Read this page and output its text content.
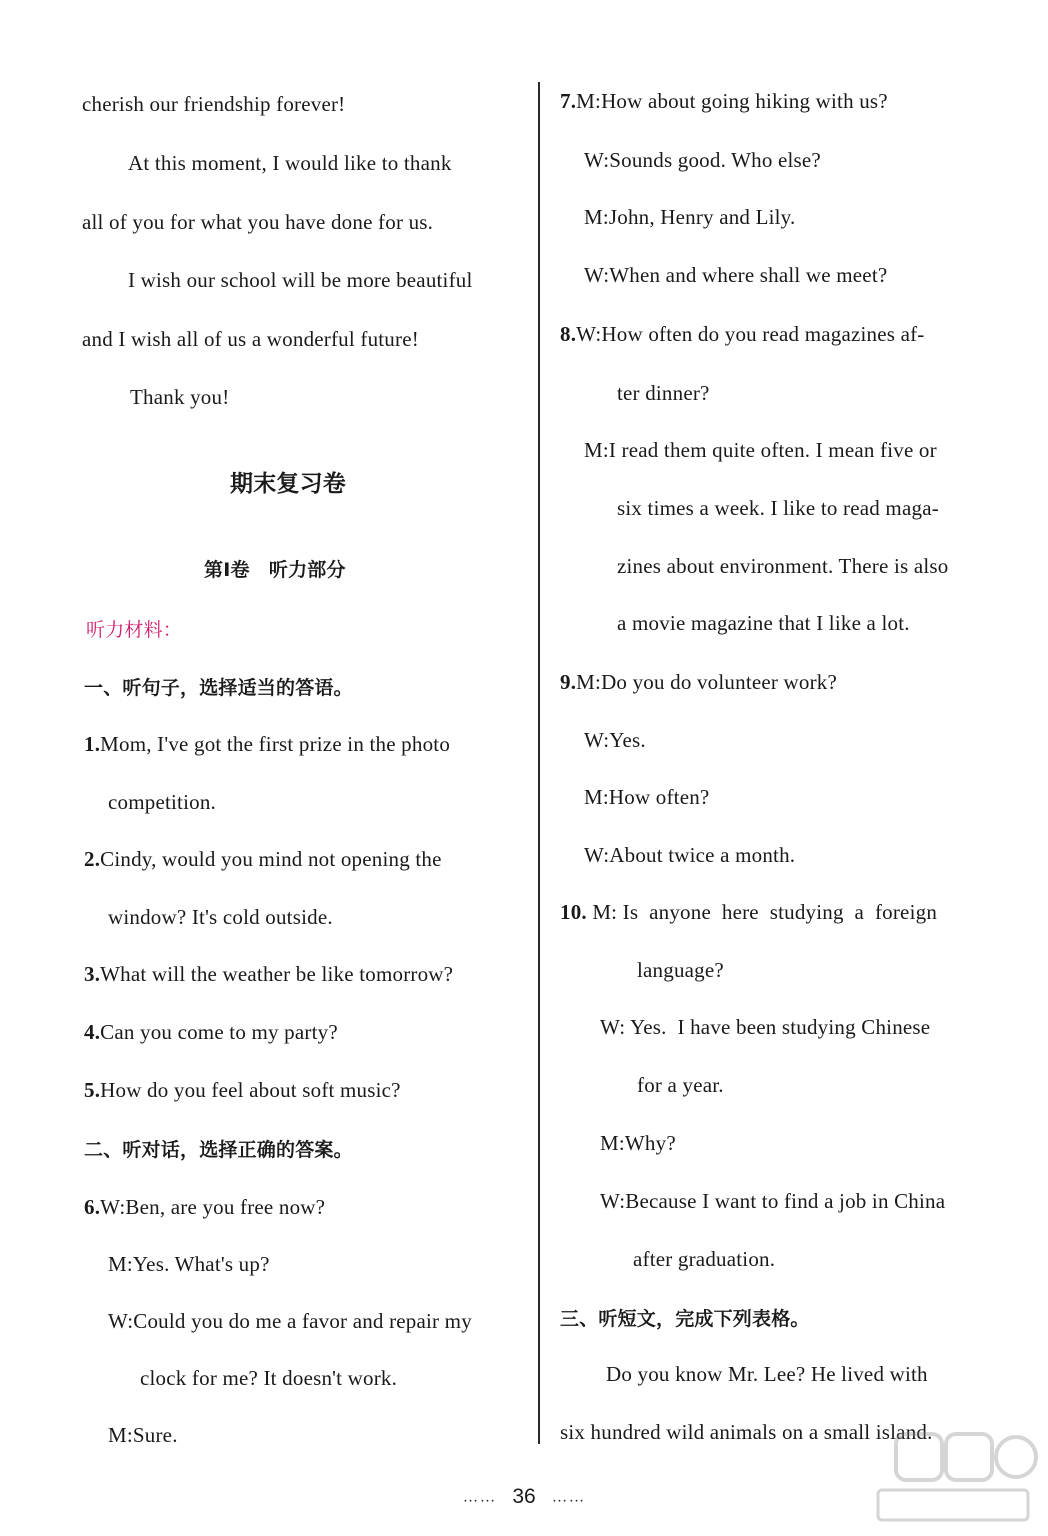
cherish our friendship forever!
At this moment, I would like to thank
all of you for what you have done for us.
I wish our school will be more beautiful
and I wish all of us a wonderful future!
Thank you!
期末复习卷
第Ⅰ卷　听力部分
听力材料：
一、听句子，选择适当的答语。
1.Mom, I've got the first prize in the photo
competition.
2.Cindy, would you mind not opening the
window? It's cold outside.
3.What will the weather be like tomorrow?
4.Can you come to my party?
5.How do you feel about soft music?
二、听对话，选择正确的答案。
6.W:Ben, are you free now?
M:Yes. What's up?
W:Could you do me a favor and repair my
clock for me? It doesn't work.
M:Sure.
7.M:How about going hiking with us?
W:Sounds good. Who else?
M:John, Henry and Lily.
W:When and where shall we meet?
8.W:How often do you read magazines af-
ter dinner?
M:I read them quite often. I mean five or
six times a week. I like to read maga-
zines about environment. There is also
a movie magazine that I like a lot.
9.M:Do you do volunteer work?
W:Yes.
M:How often?
W:About twice a month.
10. M: Is  anyone  here  studying  a  foreign
language?
W: Yes.  I have been studying Chinese
for a year.
M:Why?
W:Because I want to find a job in China
after graduation.
三、听短文，完成下列表格。
Do you know Mr. Lee? He lived with
six hundred wild animals on a small island.
…… 36 ……
